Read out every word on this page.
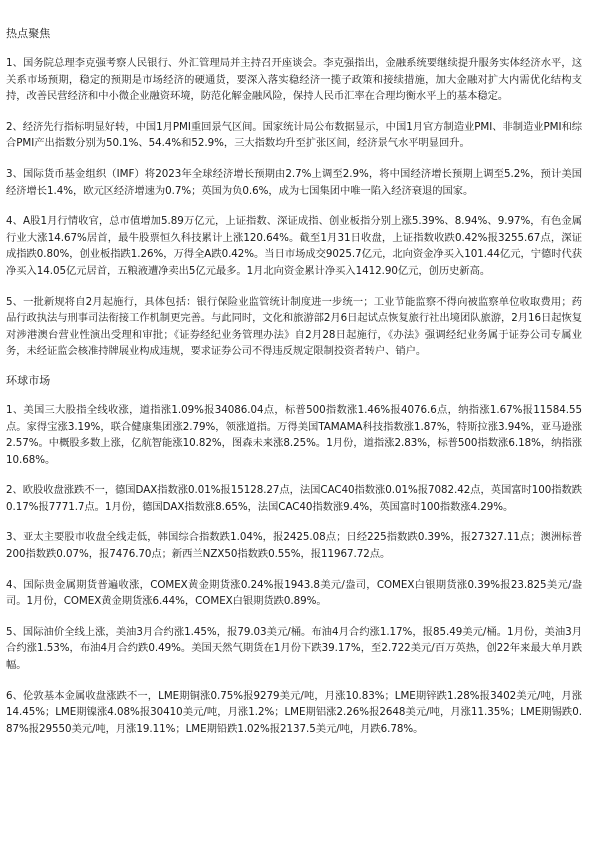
热点聚焦
1、国务院总理李克强考察人民银行、外汇管理局并主持召开座谈会。李克强指出，金融系统要继续提升服务实体经济水平，这关系市场预期，稳定的预期是市场经济的硬通货，要深入落实稳经济一揽子政策和接续措施，加大金融对扩大内需优化结构支持，改善民营经济和中小微企业融资环境，防范化解金融风险，保持人民币汇率在合理均衡水平上的基本稳定。
2、经济先行指标明显好转，中国1月PMI重回景气区间。国家统计局公布数据显示，中国1月官方制造业PMI、非制造业PMI和综合PMI产出指数分别为50.1%、54.4%和52.9%，三大指数均升至扩张区间，经济景气水平明显回升。
3、国际货币基金组织（IMF）将2023年全球经济增长预期由2.7%上调至2.9%，将中国经济增长预期上调至5.2%，预计美国经济增长1.4%，欧元区经济增速为0.7%；英国为负0.6%，成为七国集团中唯一陷入经济衰退的国家。
4、A股1月行情收官，总市值增加5.89万亿元，上证指数、深证成指、创业板指分别上涨5.39%、8.94%、9.97%，有色金属行业大涨14.67%居首，最牛股票恒久科技累计上涨120.64%。截至1月31日收盘，上证指数收跌0.42%报3255.67点，深证成指跌0.80%，创业板指跌1.26%，万得全A跌0.42%。当日市场成交9025.7亿元，北向资金净买入101.44亿元，宁德时代获净买入14.05亿元居首，五粮液遭净卖出5亿元最多。1月北向资金累计净买入1412.90亿元，创历史新高。
5、一批新规将自2月起施行，具体包括：银行保险业监管统计制度进一步统一；工业节能监察不得向被监察单位收取费用；药品行政执法与刑事司法衔接工作机制更完善。与此同时，文化和旅游部2月6日起试点恢复旅行社出境团队旅游，2月16日起恢复对涉港澳台营业性演出受理和审批；《证券经纪业务管理办法》自2月28日起施行，《办法》强调经纪业务属于证券公司专属业务，未经证监会核准持牌展业构成违规，要求证券公司不得违反规定限制投资者转户、销户。
环球市场
1、美国三大股指全线收涨，道指涨1.09%报34086.04点，标普500指数涨1.46%报4076.6点，纳指涨1.67%报11584.55点。家得宝涨3.19%，联合健康集团涨2.79%，领涨道指。万得美国TAMAMA科技指数涨1.87%，特斯拉涨3.94%，亚马逊涨2.57%。中概股多数上涨，亿航智能涨10.82%，图森未来涨8.25%。1月份，道指涨2.83%，标普500指数涨6.18%，纳指涨10.68%。
2、欧股收盘涨跌不一，德国DAX指数涨0.01%报15128.27点，法国CAC40指数涨0.01%报7082.42点，英国富时100指数跌0.17%报7771.7点。1月份，德国DAX指数涨8.65%，法国CAC40指数涨9.4%，英国富时100指数涨4.29%。
3、亚太主要股市收盘全线走低，韩国综合指数跌1.04%，报2425.08点；日经225指数跌0.39%，报27327.11点；澳洲标普200指数跌0.07%，报7476.70点；新西兰NZX50指数跌0.55%，报11967.72点。
4、国际贵金属期货普遍收涨，COMEX黄金期货涨0.24%报1943.8美元/盎司，COMEX白银期货涨0.39%报23.825美元/盎司。1月份，COMEX黄金期货涨6.44%，COMEX白银期货跌0.89%。
5、国际油价全线上涨，美油3月合约涨1.45%，报79.03美元/桶。布油4月合约涨1.17%，报85.49美元/桶。1月份，美油3月合约涨1.53%，布油4月合约跌0.49%。美国天然气期货在1月份下跌39.17%，至2.722美元/百万英热，创22年来最大单月跌幅。
6、伦敦基本金属收盘涨跌不一，LME期铜涨0.75%报9279美元/吨，月涨10.83%；LME期锌跌1.28%报3402美元/吨，月涨14.45%；LME期镍涨4.08%报30410美元/吨，月涨1.2%；LME期铝涨2.26%报2648美元/吨，月涨11.35%；LME期锡跌0.87%报29550美元/吨，月涨19.11%；LME期铅跌1.02%报2137.5美元/吨，月跌6.78%。
